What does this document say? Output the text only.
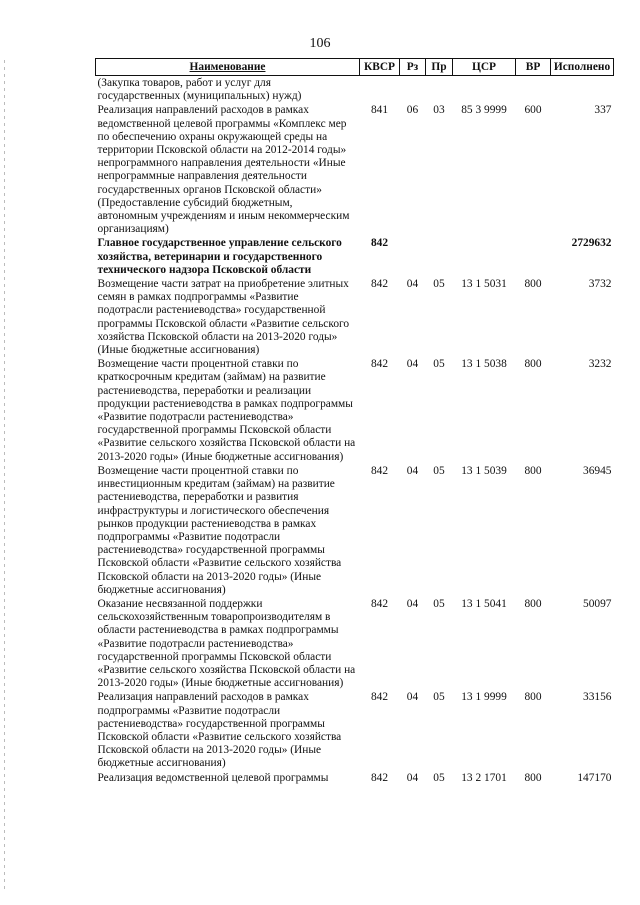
106
Наименование	КВСР	Рз	Пр	ЦСР	ВР	Исполнено
(Закупка товаров, работ и услуг для государственных (муниципальных) нужд)						
Реализация направлений расходов в рамках ведомственной целевой программы «Комплекс мер по обеспечению охраны окружающей среды на территории Псковской области на 2012-2014 годы» непрограммного направления деятельности «Иные непрограммные направления деятельности государственных органов Псковской области» (Предоставление субсидий бюджетным, автономным учреждениям и иным некоммерческим организациям)	841	06	03	85 3 9999	600	337
Главное государственное управление сельского хозяйства, ветеринарии и государственного технического надзора Псковской области	842					2729632
Возмещение части затрат на приобретение элитных семян в рамках подпрограммы «Развитие подотрасли растениеводства» государственной программы Псковской области «Развитие сельского хозяйства Псковской области на 2013-2020 годы» (Иные бюджетные ассигнования)	842	04	05	13 1 5031	800	3732
Возмещение части процентной ставки по краткосрочным кредитам (займам) на развитие растениеводства, переработки и реализации продукции растениеводства в рамках подпрограммы «Развитие подотрасли растениеводства» государственной программы Псковской области «Развитие сельского хозяйства Псковской области на 2013-2020 годы» (Иные бюджетные ассигнования)	842	04	05	13 1 5038	800	3232
Возмещение части процентной ставки по инвестиционным кредитам (займам) на развитие растениеводства, переработки и развития инфраструктуры и логистического обеспечения рынков продукции растениеводства в рамках подпрограммы «Развитие подотрасли растениеводства» государственной программы Псковской области «Развитие сельского хозяйства Псковской области на 2013-2020 годы» (Иные бюджетные ассигнования)	842	04	05	13 1 5039	800	36945
Оказание несвязанной поддержки сельскохозяйственным товаропроизводителям в области растениеводства в рамках подпрограммы «Развитие подотрасли растениеводства» государственной программы Псковской области «Развитие сельского хозяйства Псковской области на 2013-2020 годы» (Иные бюджетные ассигнования)	842	04	05	13 1 5041	800	50097
Реализация направлений расходов в рамках подпрограммы «Развитие подотрасли растениеводства» государственной программы Псковской области «Развитие сельского хозяйства Псковской области на 2013-2020 годы» (Иные бюджетные ассигнования)	842	04	05	13 1 9999	800	33156
Реализация ведомственной целевой программы	842	04	05	13 2 1701	800	147170
